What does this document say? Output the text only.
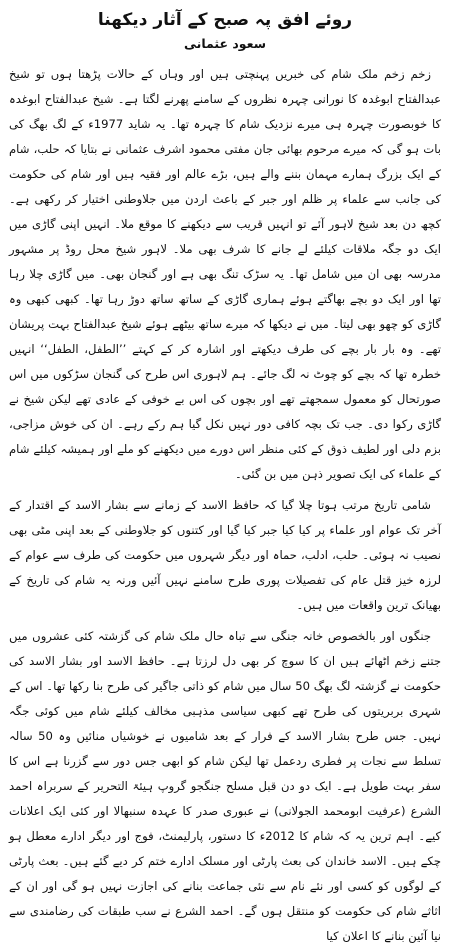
روئے افق پہ صبح کے آثار دیکھنا
سعود عثمانی

زخم زخم ملک شام کی خبریں پہنچتی ہیں اور وہاں کے حالات پڑھتا ہوں تو شیخ عبدالفتاح ابوغدہ کا نورانی چہرہ نظروں کے سامنے پھرنے لگتا ہے۔ شیخ عبدالفتاح ابوغدہ کا خوبصورت چہرہ ہی میرے نزدیک شام کا چہرہ تھا۔ یہ شاید 1977ء کے لگ بھگ کی بات ہو گی کہ میرے مرحوم بھائی جان مفتی محمود اشرف عثمانی نے بتایا کہ حلب، شام کے ایک بزرگ ہمارے مہمان بننے والے ہیں، بڑے عالم اور فقیہ ہیں اور شام کی حکومت کی جانب سے علماء پر ظلم اور جبر کے باعث اردن میں جلاوطنی اختیار کر رکھی ہے۔ کچھ دن بعد شیخ لاہور آئے تو انہیں قریب سے دیکھنے کا موقع ملا۔ انہیں اپنی گاڑی میں ایک دو جگہ ملاقات کیلئے لے جانے کا شرف بھی ملا۔ لاہور شیخ محل روڈ پر مشہور مدرسہ بھی ان میں شامل تھا۔ یہ سڑک تنگ بھی ہے اور گنجان بھی۔ میں گاڑی چلا رہا تھا اور ایک دو بچے بھاگتے ہوئے ہماری گاڑی کے ساتھ ساتھ دوڑ رہا تھا۔ کبھی کبھی وہ گاڑی کو چھو بھی لیتا۔ میں نے دیکھا کہ میرے ساتھ بیٹھے ہوئے شیخ عبدالفتاح بہت پریشان تھے۔ وہ بار بار بچے کی طرف دیکھتے اور اشارہ کر کے کہتے ’’الطفل، الطفل‘‘ انہیں خطرہ تھا کہ بچے کو چوٹ نہ لگ جائے۔ ہم لاہوری اس طرح کی گنجان سڑکوں میں اس صورتحال کو معمول سمجھتے تھے اور بچوں کی اس بے خوفی کے عادی تھے لیکن شیخ نے گاڑی رکوا دی۔ جب تک بچہ کافی دور نہیں نکل گیا ہم رکے رہے۔ ان کی خوش مزاجی، بزم دلی اور لطیف ذوق کے کئی منظر اس دورے میں دیکھنے کو ملے اور ہمیشہ کیلئے شام کے علماء کی ایک تصویر ذہن میں بن گئی۔

شامی تاریخ مرتب ہوتا چلا گیا کہ حافظ الاسد کے زمانے سے بشار الاسد کے اقتدار کے آخر تک عوام اور علماء پر کیا کیا جبر کیا گیا اور کتنوں کو جلاوطنی کے بعد اپنی مٹی بھی نصیب نہ ہوئی۔ حلب، ادلب، حماہ اور دیگر شہروں میں حکومت کی طرف سے عوام کے لرزہ خیز قتل عام کی تفصیلات پوری طرح سامنے نہیں آئیں ورنہ یہ شام کی تاریخ کے بھیانک ترین واقعات میں ہیں۔

جنگوں اور بالخصوص خانہ جنگی سے تباہ حال ملک شام کی گزشتہ کئی عشروں میں جتنے زخم اٹھائے ہیں ان کا سوچ کر بھی دل لرزتا ہے۔ حافظ الاسد اور بشار الاسد کی حکومت نے گزشتہ لگ بھگ 50 سال میں شام کو ذاتی جاگیر کی طرح بنا رکھا تھا۔ اس کے شہری بربریتوں کی طرح تھے کبھی سیاسی مذہبی مخالف کیلئے شام میں کوئی جگہ نہیں۔ جس طرح بشار الاسد کے فرار کے بعد شامیوں نے خوشیاں منائیں وہ 50 سالہ تسلط سے نجات پر فطری ردعمل تھا لیکن شام کو ابھی جس دور سے گزرنا ہے اس کا سفر بہت طویل ہے۔ ایک دو دن قبل مسلح جنگجو گروپ ہیئۃ التحریر کے سربراہ احمد الشرع (عرفیت ابومحمد الجولانی) نے عبوری صدر کا عہدہ سنبھالا اور کئی ایک اعلانات کیے۔ اہم ترین یہ کہ شام کا 2012ء کا دستور، پارلیمنٹ، فوج اور دیگر ادارے معطل ہو چکے ہیں۔ الاسد خاندان کی بعث پارٹی اور مسلک ادارے ختم کر دیے گئے ہیں۔ بعث پارٹی کے لوگوں کو کسی اور نئے نام سے نئی جماعت بنانے کی اجازت نہیں ہو گی اور ان کے اثاثے شام کی حکومت کو منتقل ہوں گے۔ احمد الشرع نے سب طبقات کی رضامندی سے نیا آئین بنانے کا اعلان کیا
